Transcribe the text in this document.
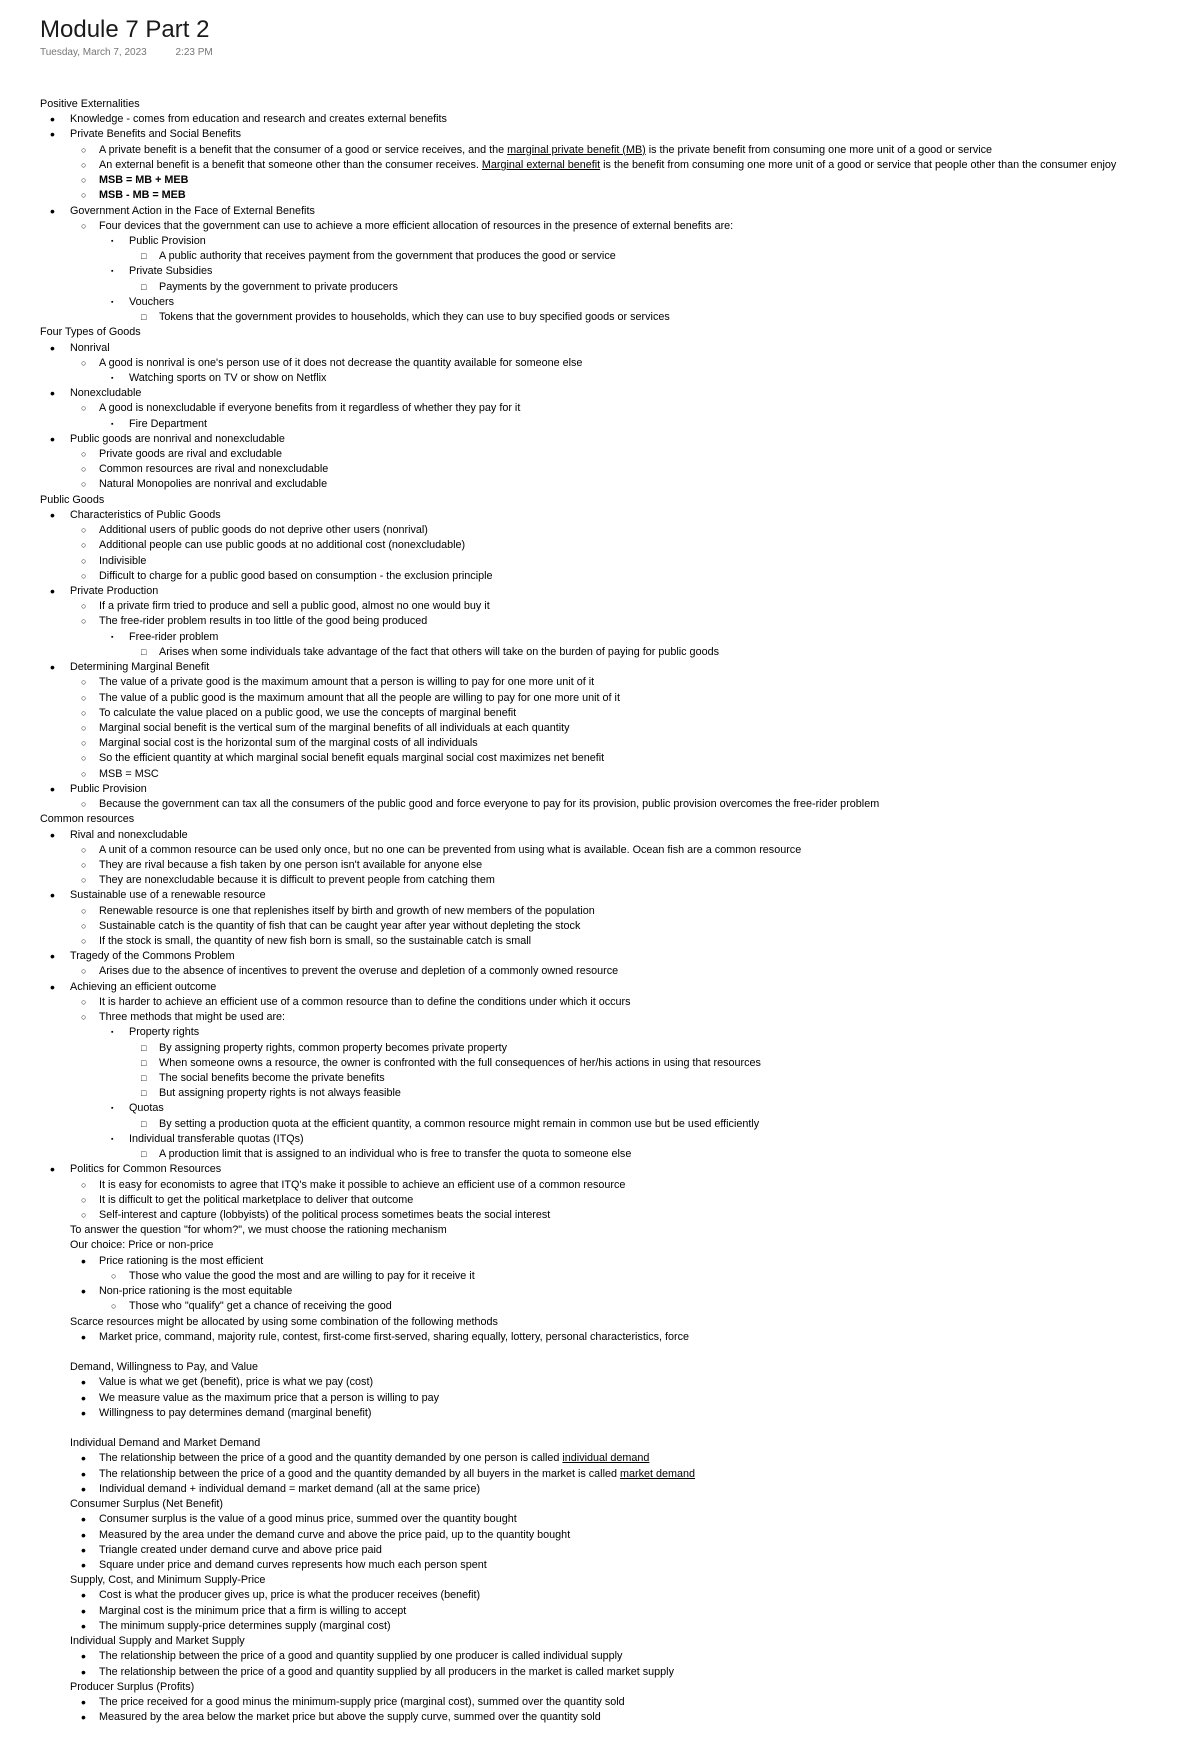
Module 7 Part 2
Tuesday, March 7, 2023	2:23 PM
Positive Externalities
• Knowledge - comes from education and research and creates external benefits
• Private Benefits and Social Benefits
○ A private benefit is a benefit that the consumer of a good or service receives, and the marginal private benefit (MB) is the private benefit from consuming one more unit of a good or service
○ An external benefit is a benefit that someone other than the consumer receives. Marginal external benefit is the benefit from consuming one more unit of a good or service that people other than the consumer enjoy
○ MSB = MB + MEB
○ MSB - MB = MEB
• Government Action in the Face of External Benefits
○ Four devices that the government can use to achieve a more efficient allocation of resources in the presence of external benefits are:
▪ Public Provision
□ A public authority that receives payment from the government that produces the good or service
▪ Private Subsidies
□ Payments by the government to private producers
▪ Vouchers
□ Tokens that the government provides to households, which they can use to buy specified goods or services
Four Types of Goods
• Nonrival
○ A good is nonrival is one's person use of it does not decrease the quantity available for someone else
▪ Watching sports on TV or show on Netflix
• Nonexcludable
○ A good is nonexcludable if everyone benefits from it regardless of whether they pay for it
▪ Fire Department
• Public goods are nonrival and nonexcludable
○ Private goods are rival and excludable
○ Common resources are rival and nonexcludable
○ Natural Monopolies are nonrival and excludable
Public Goods
• Characteristics of Public Goods
○ Additional users of public goods do not deprive other users (nonrival)
○ Additional people can use public goods at no additional cost (nonexcludable)
○ Indivisible
○ Difficult to charge for a public good based on consumption - the exclusion principle
• Private Production
○ If a private firm tried to produce and sell a public good, almost no one would buy it
○ The free-rider problem results in too little of the good being produced
▪ Free-rider problem
□ Arises when some individuals take advantage of the fact that others will take on the burden of paying for public goods
• Determining Marginal Benefit
○ The value of a private good is the maximum amount that a person is willing to pay for one more unit of it
○ The value of a public good is the maximum amount that all the people are willing to pay for one more unit of it
○ To calculate the value placed on a public good, we use the concepts of marginal benefit
○ Marginal social benefit is the vertical sum of the marginal benefits of all individuals at each quantity
○ Marginal social cost is the horizontal sum of the marginal costs of all individuals
○ So the efficient quantity at which marginal social benefit equals marginal social cost maximizes net benefit
○ MSB = MSC
• Public Provision
○ Because the government can tax all the consumers of the public good and force everyone to pay for its provision, public provision overcomes the free-rider problem
Common resources
• Rival and nonexcludable
○ A unit of a common resource can be used only once, but no one can be prevented from using what is available. Ocean fish are a common resource
○ They are rival because a fish taken by one person isn't available for anyone else
○ They are nonexcludable because it is difficult to prevent people from catching them
• Sustainable use of a renewable resource
○ Renewable resource is one that replenishes itself by birth and growth of new members of the population
○ Sustainable catch is the quantity of fish that can be caught year after year without depleting the stock
○ If the stock is small, the quantity of new fish born is small, so the sustainable catch is small
• Tragedy of the Commons Problem
○ Arises due to the absence of incentives to prevent the overuse and depletion of a commonly owned resource
• Achieving an efficient outcome
○ It is harder to achieve an efficient use of a common resource than to define the conditions under which it occurs
○ Three methods that might be used are:
▪ Property rights
□ By assigning property rights, common property becomes private property
□ When someone owns a resource, the owner is confronted with the full consequences of her/his actions in using that resources
□ The social benefits become the private benefits
□ But assigning property rights is not always feasible
▪ Quotas
□ By setting a production quota at the efficient quantity, a common resource might remain in common use but be used efficiently
▪ Individual transferable quotas (ITQs)
□ A production limit that is assigned to an individual who is free to transfer the quota to someone else
• Politics for Common Resources
○ It is easy for economists to agree that ITQ's make it possible to achieve an efficient use of a common resource
○ It is difficult to get the political marketplace to deliver that outcome
○ Self-interest and capture (lobbyists) of the political process sometimes beats the social interest
To answer the question "for whom?", we must choose the rationing mechanism
Our choice: Price or non-price
• Price rationing is the most efficient
○ Those who value the good the most and are willing to pay for it receive it
• Non-price rationing is the most equitable
○ Those who "qualify" get a chance of receiving the good
Scarce resources might be allocated by using some combination of the following methods
• Market price, command, majority rule, contest, first-come first-served, sharing equally, lottery, personal characteristics, force
Demand, Willingness to Pay, and Value
• Value is what we get (benefit), price is what we pay (cost)
• We measure value as the maximum price that a person is willing to pay
• Willingness to pay determines demand (marginal benefit)
Individual Demand and Market Demand
• The relationship between the price of a good and the quantity demanded by one person is called individual demand
• The relationship between the price of a good and the quantity demanded by all buyers in the market is called market demand
• Individual demand + individual demand = market demand (all at the same price)
Consumer Surplus (Net Benefit)
• Consumer surplus is the value of a good minus price, summed over the quantity bought
• Measured by the area under the demand curve and above the price paid, up to the quantity bought
• Triangle created under demand curve and above price paid
• Square under price and demand curves represents how much each person spent
Supply, Cost, and Minimum Supply-Price
• Cost is what the producer gives up, price is what the producer receives (benefit)
• Marginal cost is the minimum price that a firm is willing to accept
• The minimum supply-price determines supply (marginal cost)
Individual Supply and Market Supply
• The relationship between the price of a good and quantity supplied by one producer is called individual supply
• The relationship between the price of a good and quantity supplied by all producers in the market is called market supply
Producer Surplus (Profits)
• The price received for a good minus the minimum-supply price (marginal cost), summed over the quantity sold
• Measured by the area below the market price but above the supply curve, summed over the quantity sold
